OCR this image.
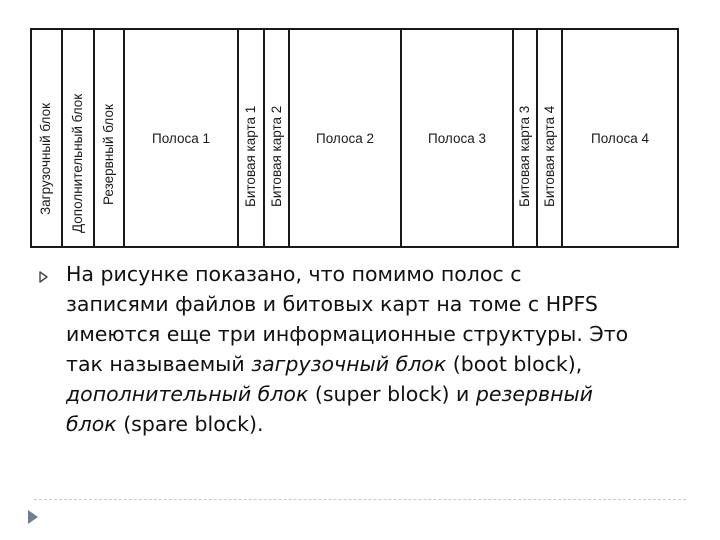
Загрузочный блок Дополнительный блок Резервный блок	Битовая карта 1 Битовая карта 2	Битовая карта 3 Битовая карта 4
Полоса 1	Полоса 2	Полоса 3	Полоса 4
На рисунке показано, что помимо полос с
записями файлов и битовых карт на томе с HPFS
имеются еще три информационные структуры. Это
так называемый загрузочный блок (boot block),
дополнительный блок (super block) и резервный
блок (spare block).
